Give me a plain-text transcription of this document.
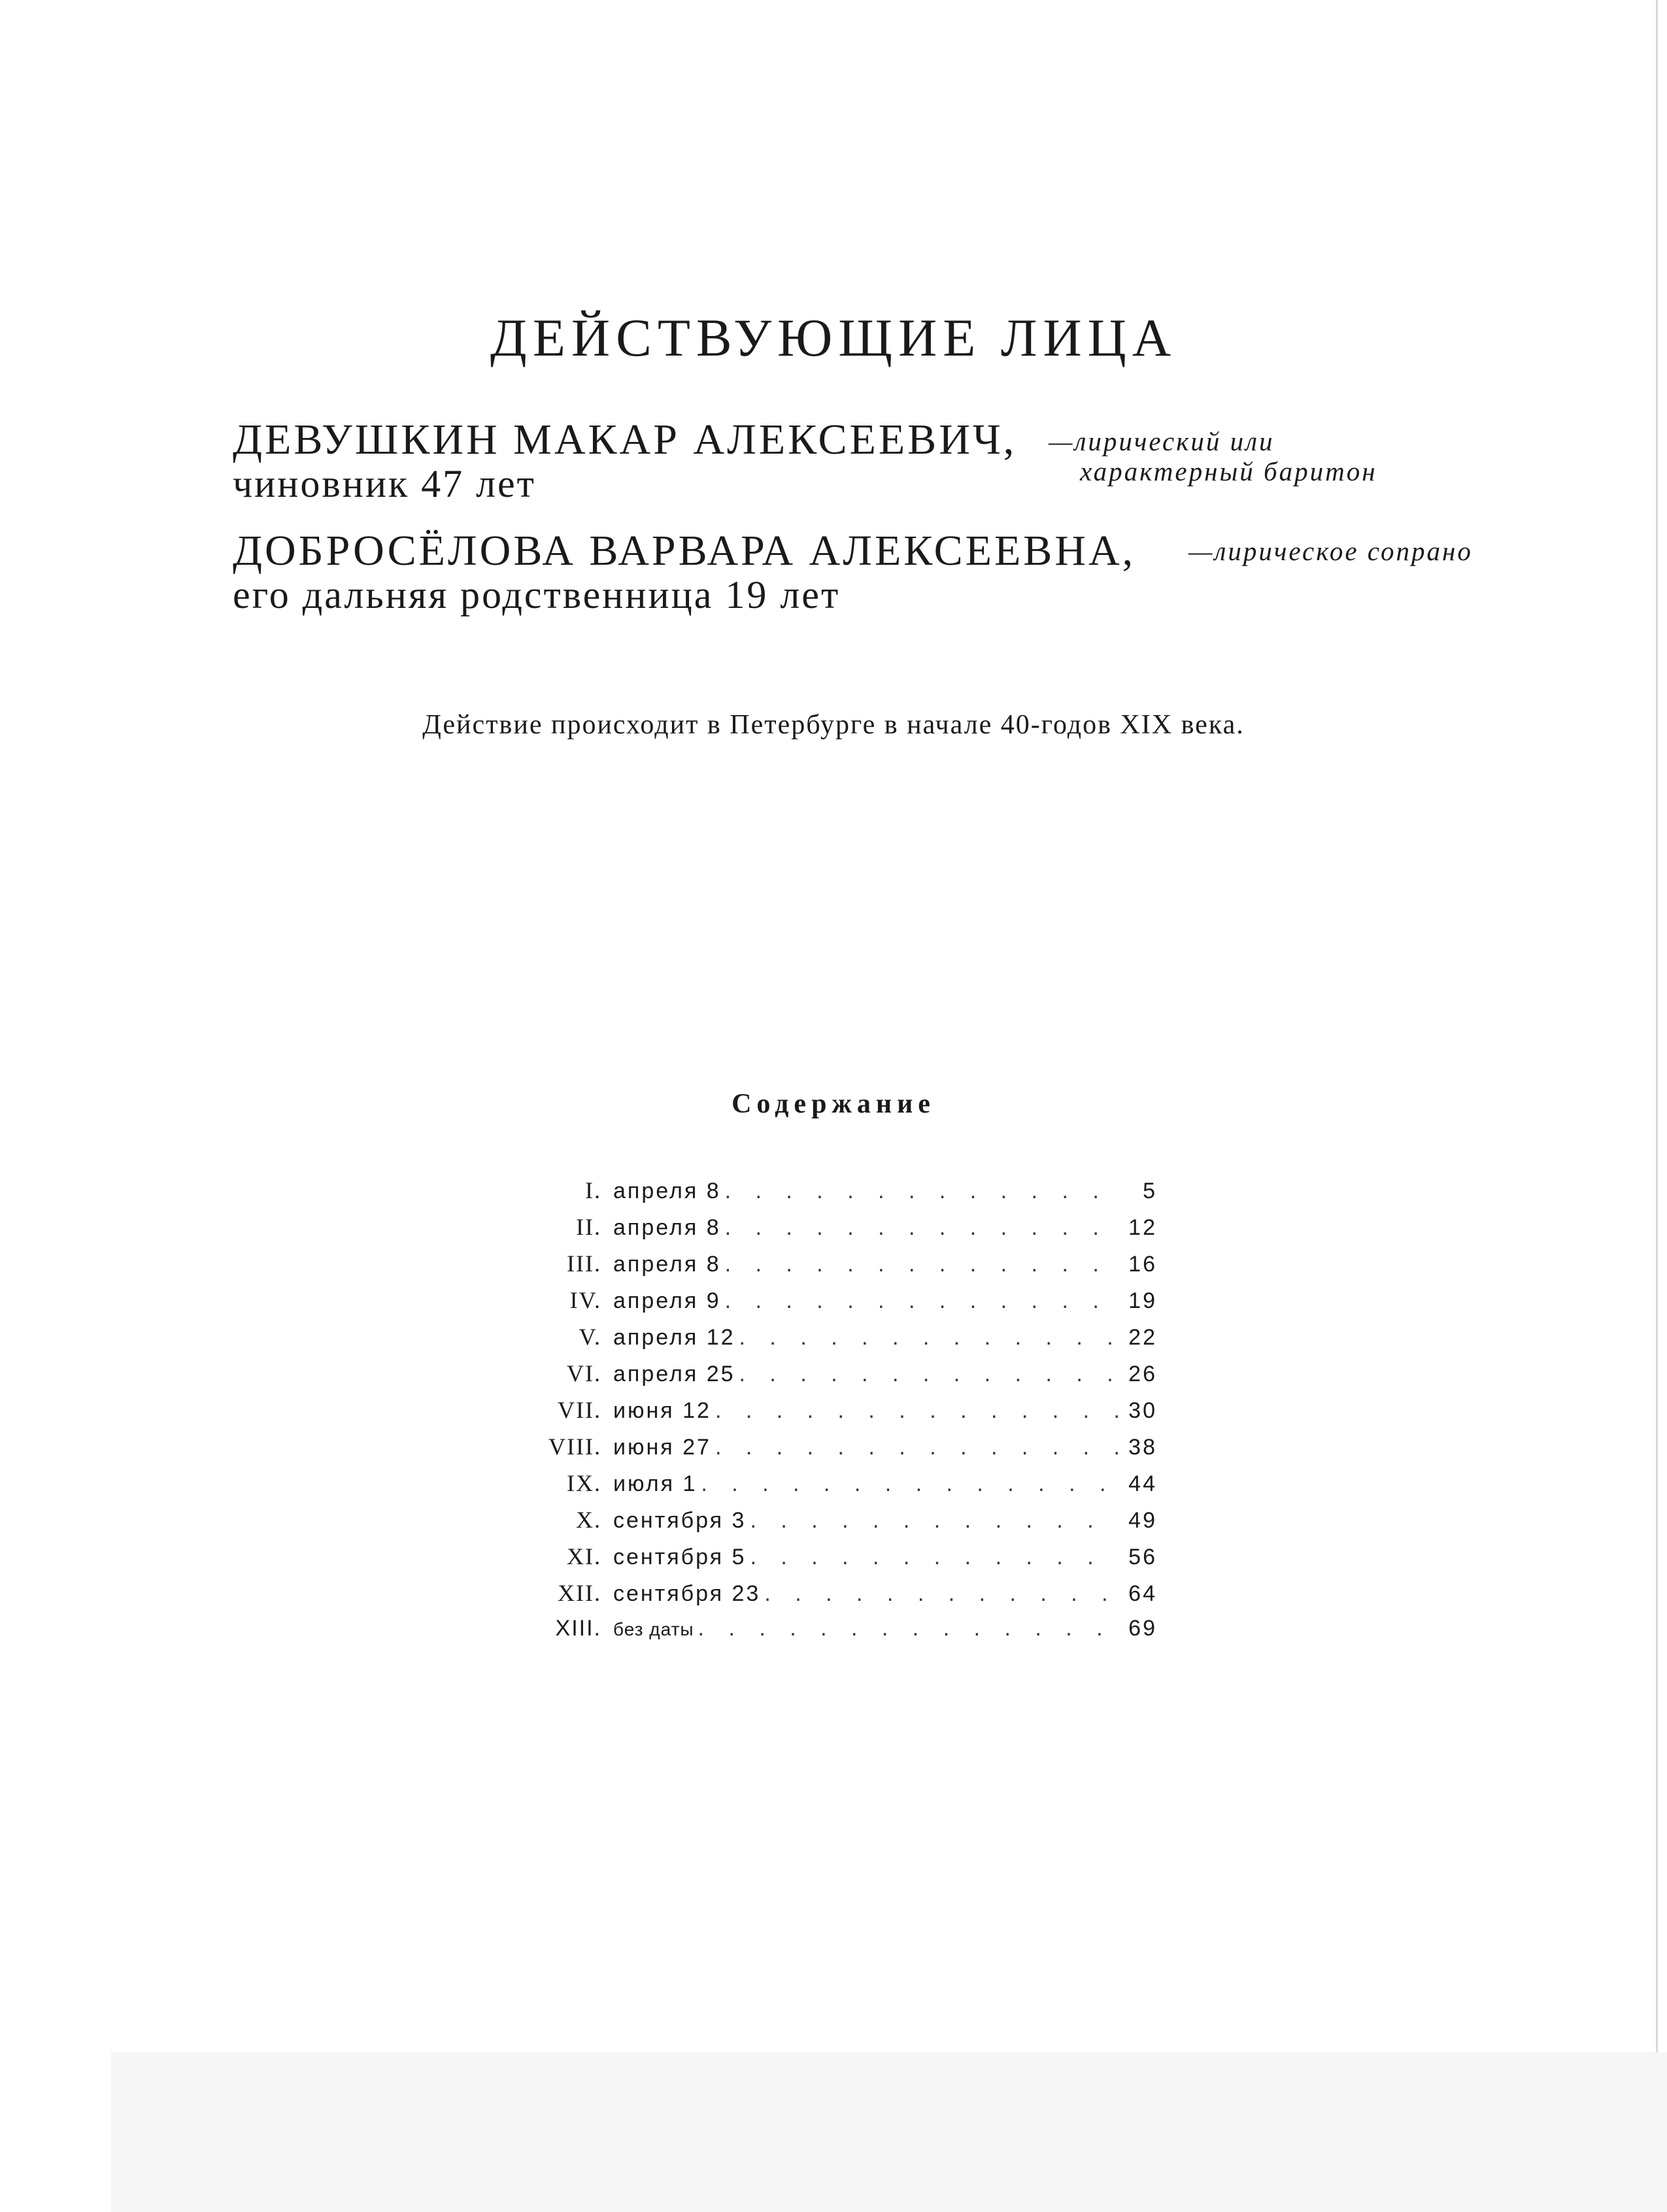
ДЕЙСТВУЮЩИЕ ЛИЦА
ДЕВУШКИН МАКАР АЛЕКСЕЕВИЧ,
чиновник 47 лет
—лирический или
характерный баритон
ДОБРОСЁЛОВА ВАРВАРА АЛЕКСЕЕВНА,
его дальняя родственница 19 лет
—лирическое сопрано
Действие происходит в Петербурге в начале 40-годов XIX века.
Содержание
I. апреля 8 . . .	5
II. апреля 8 . . .	12
III. апреля 8 . . .	16
IV. апреля 9 . . .	19
V. апреля 12 . . .	22
VI. апреля 25 . . .	26
VII. июня 12 . . .	30
VIII. июня 27 . . .	38
IX. июля 1 . . .	44
X. сентября 3 . . .	49
XI. сентября 5 . . .	56
XII. сентября 23 . . .	64
XIII. без даты . . .	69
